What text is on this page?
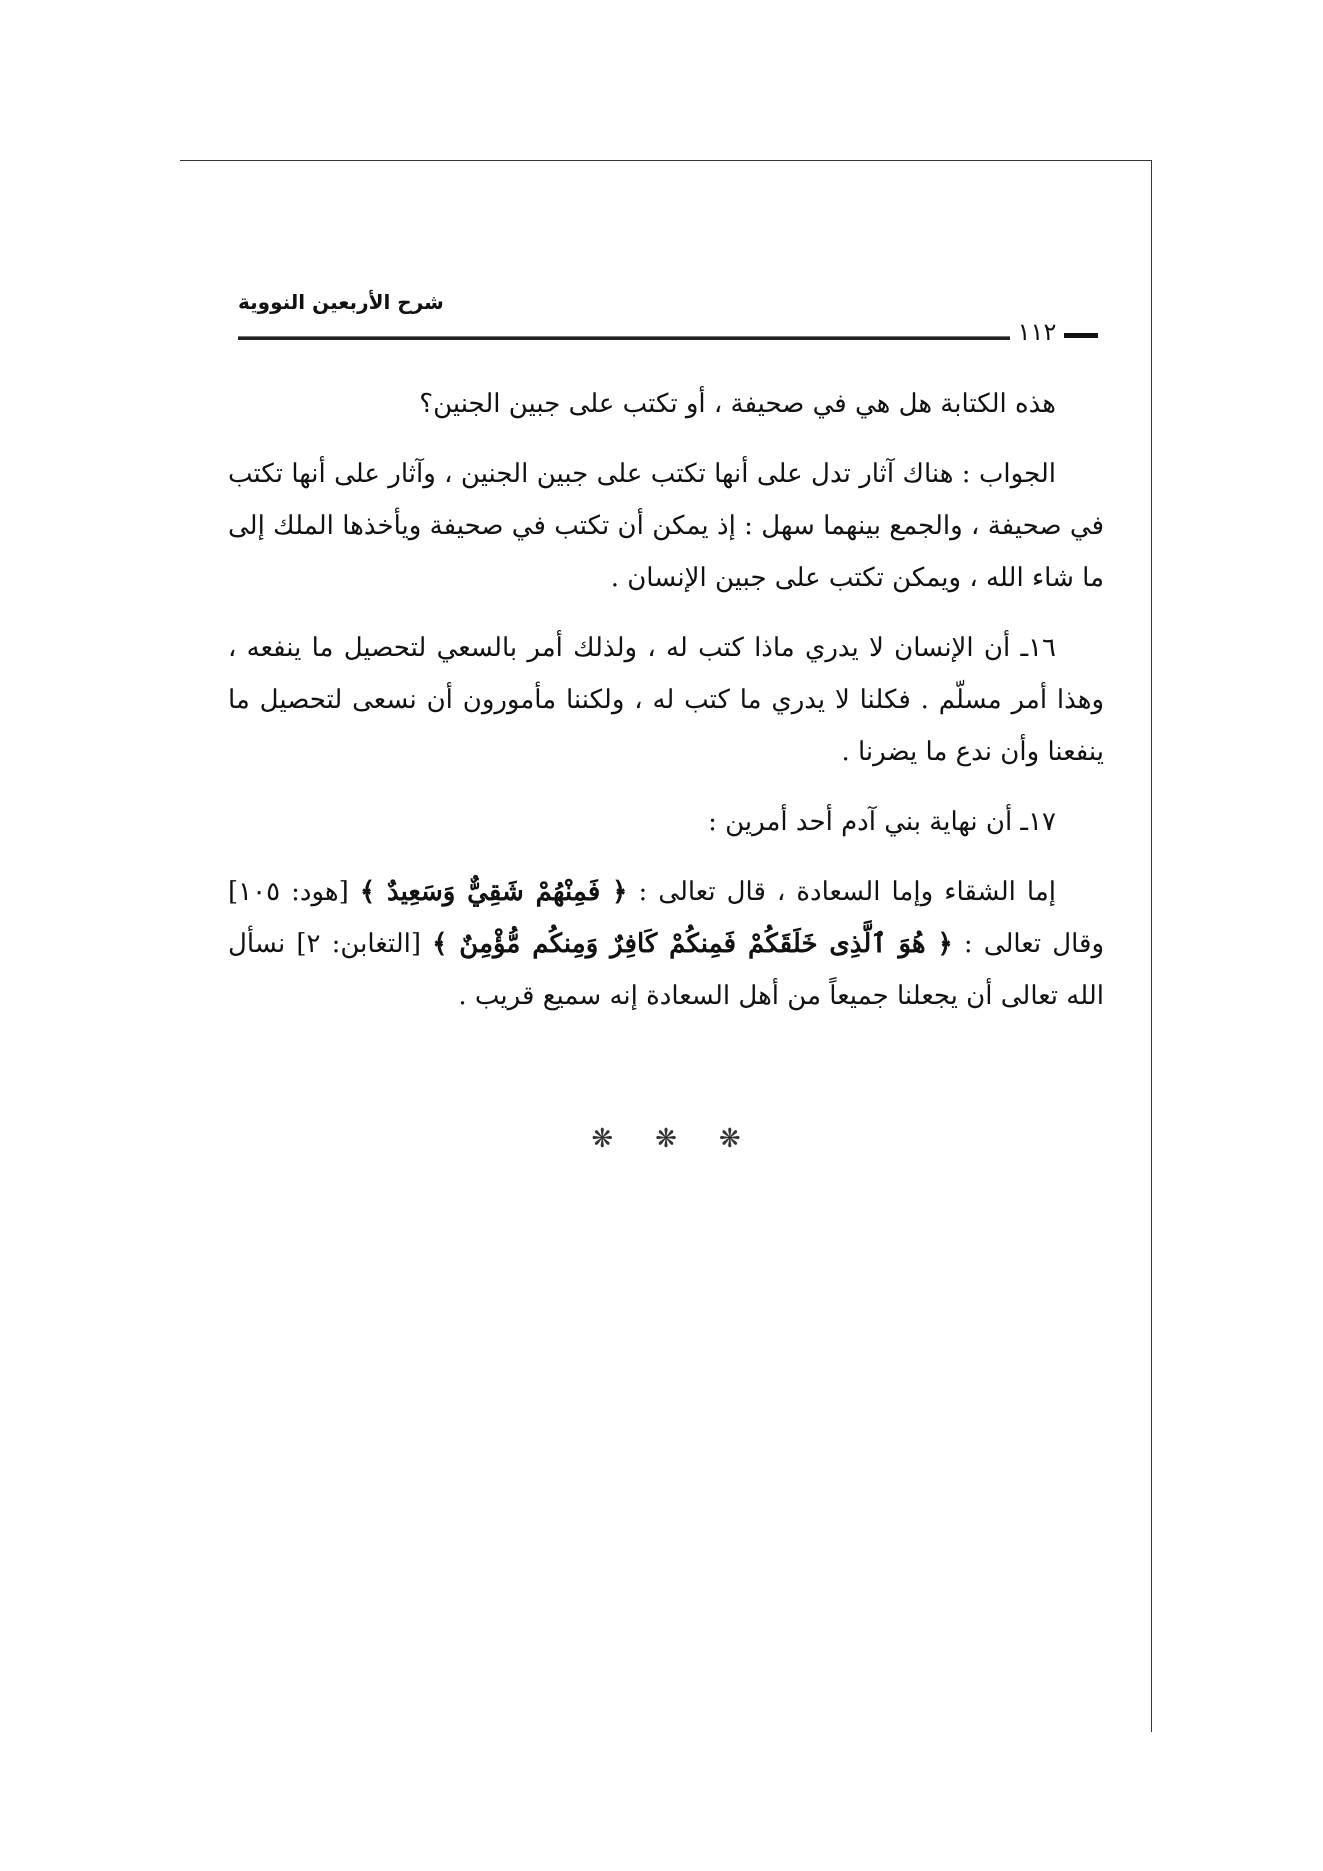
شرح الأربعين النووية
١١٢

هذه الكتابة هل هي في صحيفة ، أو تكتب على جبين الجنين؟

الجواب : هناك آثار تدل على أنها تكتب على جبين الجنين ، وآثار على أنها تكتب في صحيفة ، والجمع بينهما سهل : إذ يمكن أن تكتب في صحيفة ويأخذها الملك إلى ما شاء الله ، ويمكن تكتب على جبين الإنسان .

١٦ـ أن الإنسان لا يدري ماذا كتب له ، ولذلك أمر بالسعي لتحصيل ما ينفعه ، وهذا أمر مسلّم . فكلنا لا يدري ما كتب له ، ولكننا مأمورون أن نسعى لتحصيل ما ينفعنا وأن ندع ما يضرنا .

١٧ـ أن نهاية بني آدم أحد أمرين :

إما الشقاء وإما السعادة ، قال تعالى : ﴿ فَمِنْهُمْ شَقِيٌّ وَسَعِيدٌ ﴾ [هود: ١٠٥] وقال تعالى : ﴿ هُوَ ٱلَّذِى خَلَقَكُمْ فَمِنكُمْ كَافِرٌ وَمِنكُم مُّؤْمِنٌ ﴾ [التغابن: ٢] نسأل الله تعالى أن يجعلنا جميعاً من أهل السعادة إنه سميع قريب .

❋
❋
❋
